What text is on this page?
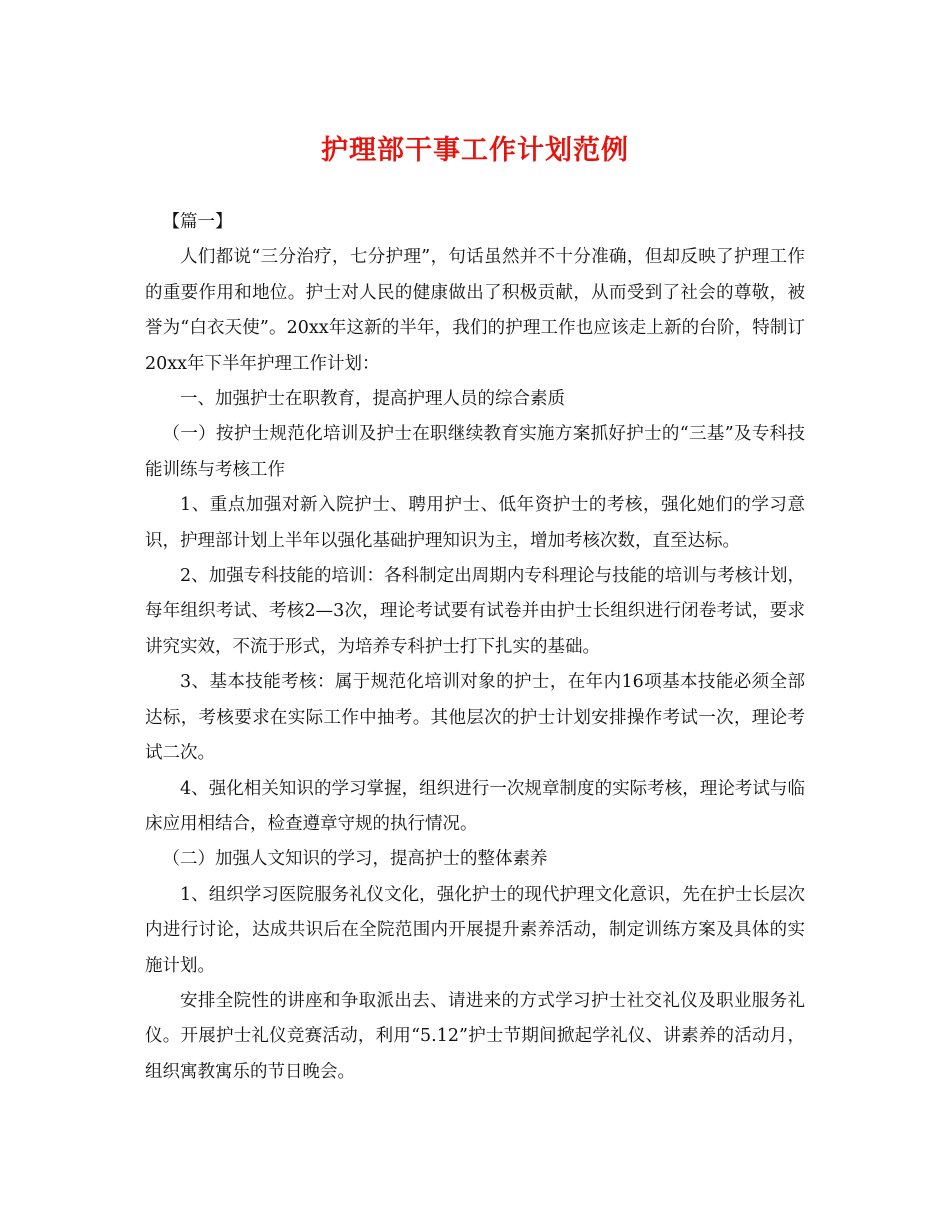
护理部干事工作计划范例

【篇一】

人们都说“三分治疗，七分护理”，句话虽然并不十分准确，但却反映了护理工作的重要作用和地位。护士对人民的健康做出了积极贡献，从而受到了社会的尊敬，被誉为“白衣天使”。20xx年这新的半年，我们的护理工作也应该走上新的台阶，特制订20xx年下半年护理工作计划：

一、加强护士在职教育，提高护理人员的综合素质

（一）按护士规范化培训及护士在职继续教育实施方案抓好护士的“三基”及专科技能训练与考核工作

1、重点加强对新入院护士、聘用护士、低年资护士的考核，强化她们的学习意识，护理部计划上半年以强化基础护理知识为主，增加考核次数，直至达标。

2、加强专科技能的培训：各科制定出周期内专科理论与技能的培训与考核计划，每年组织考试、考核2—3次，理论考试要有试卷并由护士长组织进行闭卷考试，要求讲究实效，不流于形式，为培养专科护士打下扎实的基础。

3、基本技能考核：属于规范化培训对象的护士，在年内16项基本技能必须全部达标，考核要求在实际工作中抽考。其他层次的护士计划安排操作考试一次，理论考试二次。

4、强化相关知识的学习掌握，组织进行一次规章制度的实际考核，理论考试与临床应用相结合，检查遵章守规的执行情况。

（二）加强人文知识的学习，提高护士的整体素养

1、组织学习医院服务礼仪文化，强化护士的现代护理文化意识，先在护士长层次内进行讨论，达成共识后在全院范围内开展提升素养活动，制定训练方案及具体的实施计划。

安排全院性的讲座和争取派出去、请进来的方式学习护士社交礼仪及职业服务礼仪。开展护士礼仪竞赛活动，利用“5.12”护士节期间掀起学礼仪、讲素养的活动月，组织寓教寓乐的节日晚会。
